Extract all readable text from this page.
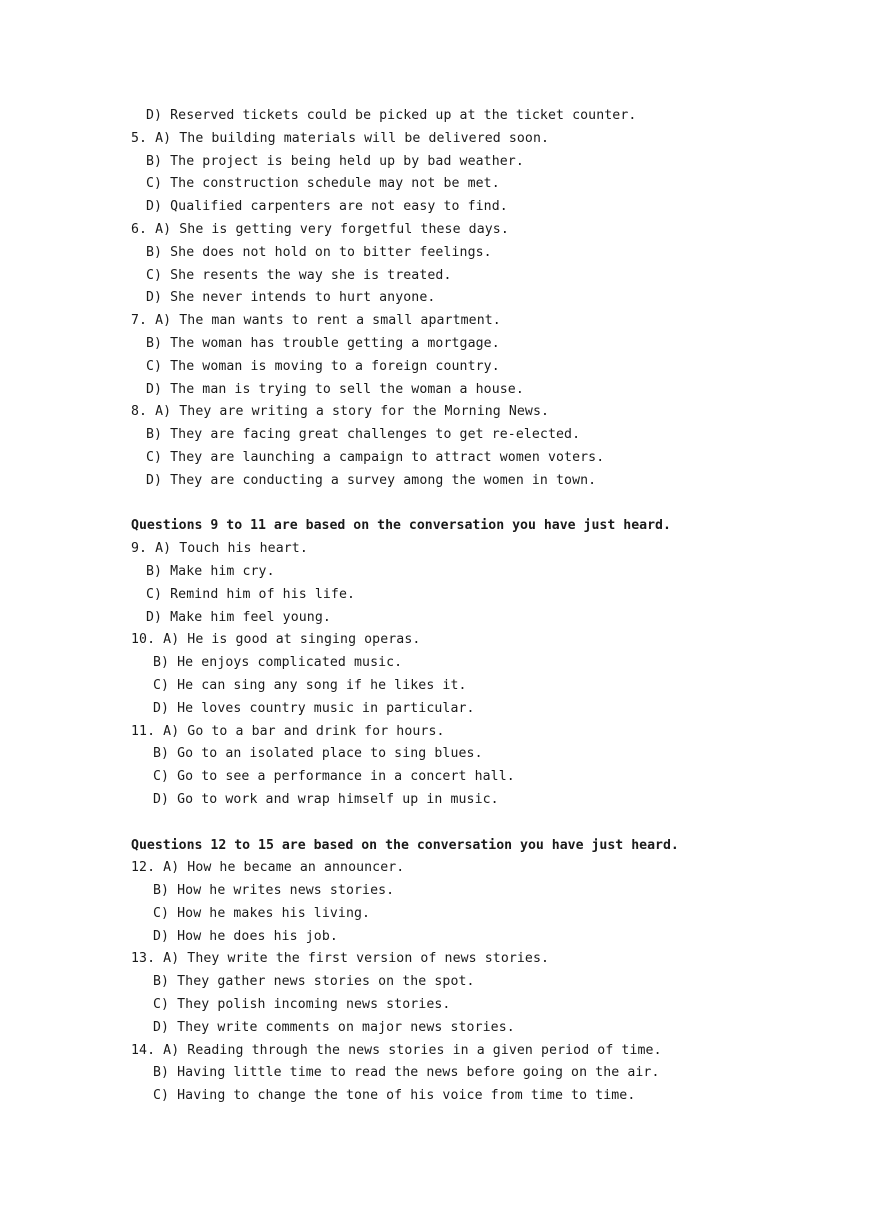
D) Reserved tickets could be picked up at the ticket counter.
5. A) The building materials will be delivered soon.
B) The project is being held up by bad weather.
C) The construction schedule may not be met.
D) Qualified carpenters are not easy to find.
6. A) She is getting very forgetful these days.
B) She does not hold on to bitter feelings.
C) She resents the way she is treated.
D) She never intends to hurt anyone.
7. A) The man wants to rent a small apartment.
B) The woman has trouble getting a mortgage.
C) The woman is moving to a foreign country.
D) The man is trying to sell the woman a house.
8. A) They are writing a story for the Morning News.
B) They are facing great challenges to get re-elected.
C) They are launching a campaign to attract women voters.
D) They are conducting a survey among the women in town.
Questions 9 to 11 are based on the conversation you have just heard.
9. A) Touch his heart.
B) Make him cry.
C) Remind him of his life.
D) Make him feel young.
10. A) He is good at singing operas.
B) He enjoys complicated music.
C) He can sing any song if he likes it.
D) He loves country music in particular.
11. A) Go to a bar and drink for hours.
B) Go to an isolated place to sing blues.
C) Go to see a performance in a concert hall.
D) Go to work and wrap himself up in music.
Questions 12 to 15 are based on the conversation you have just heard.
12. A) How he became an announcer.
B) How he writes news stories.
C) How he makes his living.
D) How he does his job.
13. A) They write the first version of news stories.
B) They gather news stories on the spot.
C) They polish incoming news stories.
D) They write comments on major news stories.
14. A) Reading through the news stories in a given period of time.
B) Having little time to read the news before going on the air.
C) Having to change the tone of his voice from time to time.
